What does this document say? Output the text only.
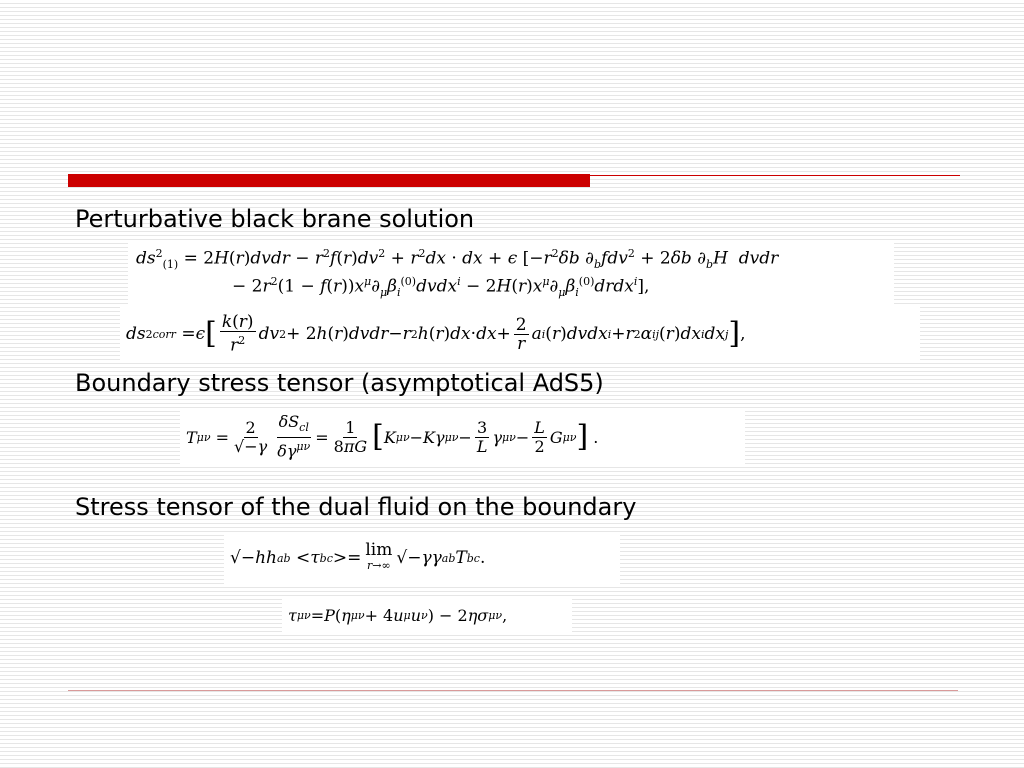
Perturbative black brane solution
$ds^2_{(1)}$ = 2H(r)dvdr − $r^2f(r)dv^2 + r^2dx$ · dx + ϵ [$-r^2\delta b$ $\partial_bfdv^2 + 2\delta b$ $\partial_bH$ dvdr
− $2r^2(1$ − $f(r))x^\mu\partial_\mu\beta_i^{(0)}dvdx^i$ − $2H(r)x^\mu\partial_\mu\beta_i^{(0)}drdx^i$],
ds 2 corr = ϵ [ $\frac{k(r)}{r^2}$ dv 2 + 2 h ( r ) dvdr − r 2 h ( r ) dx · dx + $\frac{2}{r}$ a i ( r ) dvdx i + r 2 α ij ( r ) dx i dx j ] ,
Boundary stress tensor (asymptotical AdS5)
T $\mu\nu = \frac{2}{√-\gamma} \frac{\delta S_{cl}}{\delta\gamma^{\mu\nu}} = \frac{1}{8\pi G}$ [ K μν − Kγ $\mu\nu - \frac{3}{L}$ γ $\mu\nu - \frac{L}{2}$ G μν ] .
Stress tensor of the dual fluid on the boundary
√− h h ab < τ bc >= lim
r→∞ √− γ γ ab T bc .
τ μν = P ( η μν + 4 u μ u ν ) − 2 ησ μν ,
